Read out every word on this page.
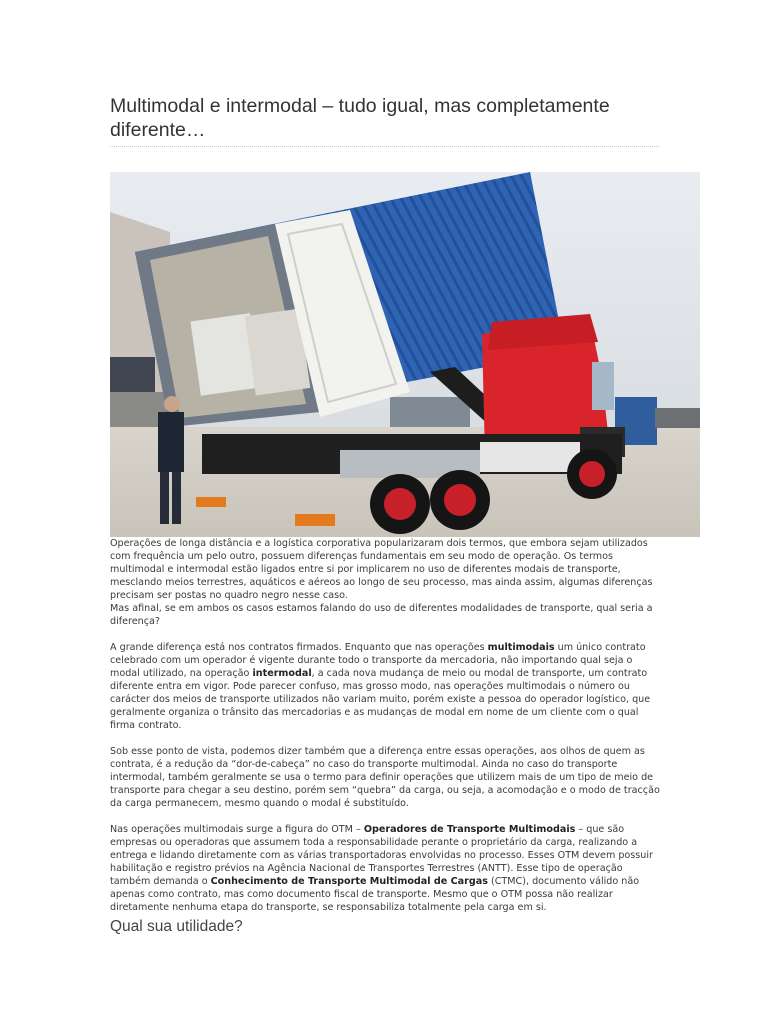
Multimodal e intermodal – tudo igual, mas completamente diferente…

Operações de longa distância e a logística corporativa popularizaram dois termos, que embora sejam utilizados com frequência um pelo outro, possuem diferenças fundamentais em seu modo de operação. Os termos multimodal e intermodal estão ligados entre si por implicarem no uso de diferentes modais de transporte, mesclando meios terrestres, aquáticos e aéreos ao longo de seu processo, mas ainda assim, algumas diferenças precisam ser postas no quadro negro nesse caso.

Mas afinal, se em ambos os casos estamos falando do uso de diferentes modalidades de transporte, qual seria a diferença?

A grande diferença está nos contratos firmados. Enquanto que nas operações multimodais um único contrato celebrado com um operador é vigente durante todo o transporte da mercadoria, não importando qual seja o modal utilizado, na operação intermodal, a cada nova mudança de meio ou modal de transporte, um contrato diferente entra em vigor. Pode parecer confuso, mas grosso modo, nas operações multimodais o número ou carácter dos meios de transporte utilizados não variam muito, porém existe a pessoa do operador logístico, que geralmente organiza o trânsito das mercadorias e as mudanças de modal em nome de um cliente com o qual firma contrato.

Sob esse ponto de vista, podemos dizer também que a diferença entre essas operações, aos olhos de quem as contrata, é a redução da “dor-de-cabeça” no caso do transporte multimodal. Ainda no caso do transporte intermodal, também geralmente se usa o termo para definir operações que utilizem mais de um tipo de meio de transporte para chegar a seu destino, porém sem “quebra” da carga, ou seja, a acomodação e o modo de tracção da carga permanecem, mesmo quando o modal é substituído.

Nas operações multimodais surge a figura do OTM – Operadores de Transporte Multimodais – que são empresas ou operadoras que assumem toda a responsabilidade perante o proprietário da carga, realizando a entrega e lidando diretamente com as várias transportadoras envolvidas no processo. Esses OTM devem possuir habilitação e registro prévios na Agência Nacional de Transportes Terrestres (ANTT). Esse tipo de operação também demanda o Conhecimento de Transporte Multimodal de Cargas (CTMC), documento válido não apenas como contrato, mas como documento fiscal de transporte. Mesmo que o OTM possa não realizar diretamente nenhuma etapa do transporte, se responsabiliza totalmente pela carga em si.

Qual sua utilidade?
